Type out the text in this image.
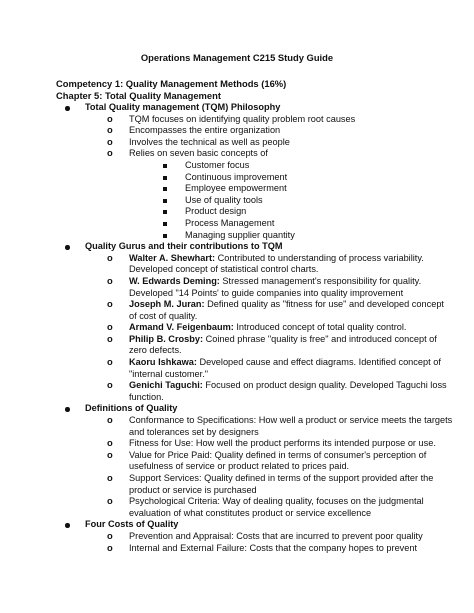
Operations Management C215 Study Guide
Competency 1: Quality Management Methods (16%)
Chapter 5: Total Quality Management
Total Quality management (TQM) Philosophy
o TQM focuses on identifying quality problem root causes
o Encompasses the entire organization
o Involves the technical as well as people
o Relies on seven basic concepts of
Customer focus
Continuous improvement
Employee empowerment
Use of quality tools
Product design
Process Management
Managing supplier quantity
Quality Gurus and their contributions to TQM
o Walter A. Shewhart: Contributed to understanding of process variability. Developed concept of statistical control charts.
o W. Edwards Deming: Stressed management's responsibility for quality. Developed "14 Points' to guide companies into quality improvement
o Joseph M. Juran: Defined quality as "fitness for use" and developed concept of cost of quality.
o Armand V. Feigenbaum: Introduced concept of total quality control.
o Philip B. Crosby: Coined phrase "quality is free" and introduced concept of zero defects.
o Kaoru Ishkawa: Developed cause and effect diagrams. Identified concept of "internal customer."
o Genichi Taguchi: Focused on product design quality. Developed Taguchi loss function.
Definitions of Quality
o Conformance to Specifications: How well a product or service meets the targets and tolerances set by designers
o Fitness for Use: How well the product performs its intended purpose or use.
o Value for Price Paid: Quality defined in terms of consumer's perception of usefulness of service or product related to prices paid.
o Support Services: Quality defined in terms of the support provided after the product or service is purchased
o Psychological Criteria: Way of dealing quality, focuses on the judgmental evaluation of what constitutes product or service excellence
Four Costs of Quality
o Prevention and Appraisal: Costs that are incurred to prevent poor quality
o Internal and External Failure: Costs that the company hopes to prevent
